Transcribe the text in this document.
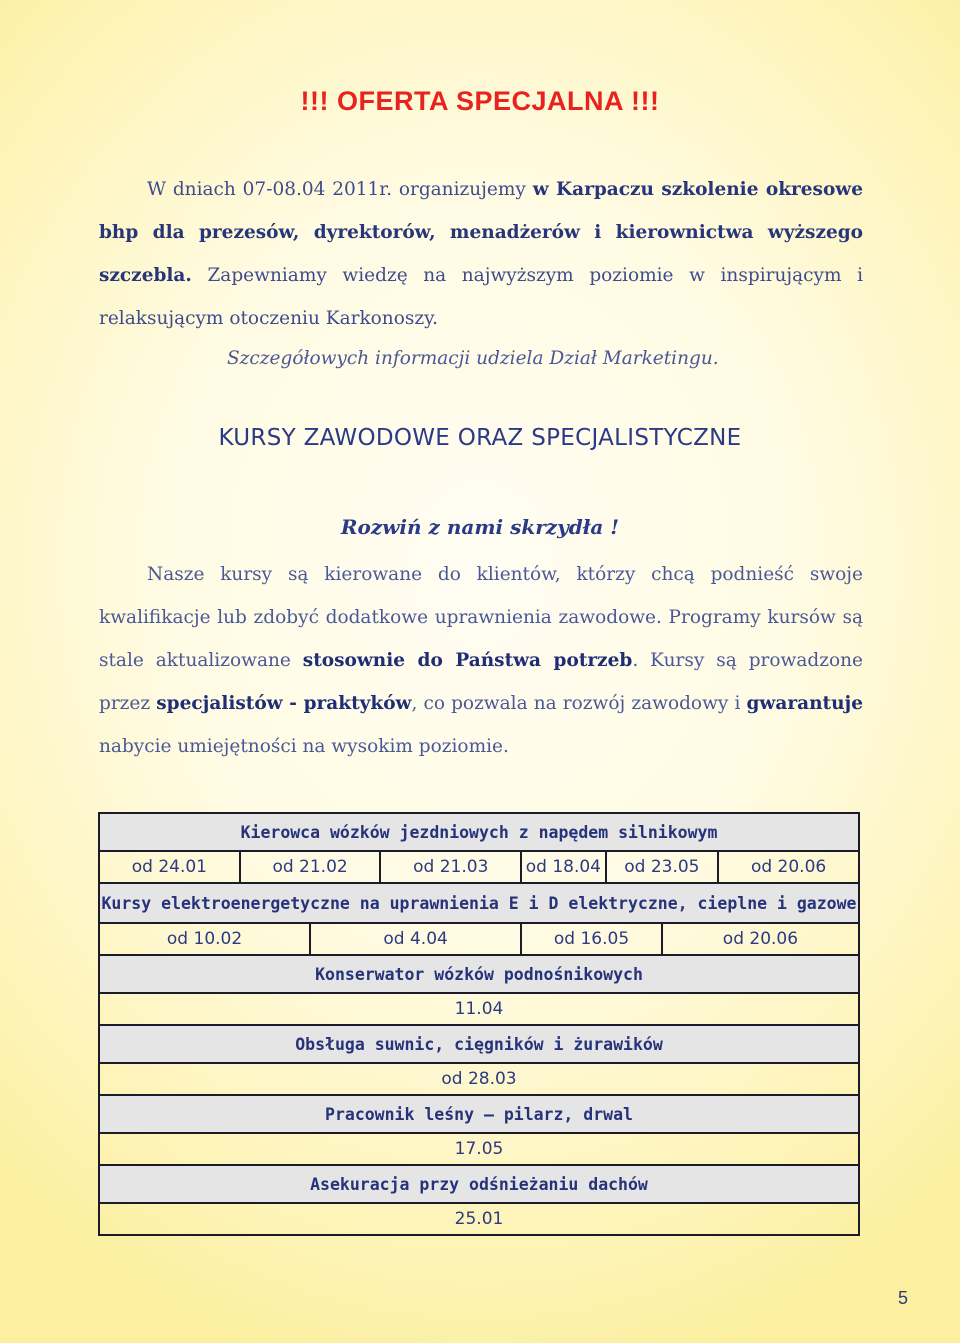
!!! OFERTA SPECJALNA !!!
W dniach 07-08.04 2011r. organizujemy w Karpaczu szkolenie okresowe bhp dla prezesów, dyrektorów, menadżerów i kierownictwa wyższego szczebla. Zapewniamy wiedzę na najwyższym poziomie w inspirującym i relaksującym otoczeniu Karkonoszy.
Szczegółowych informacji udziela Dział Marketingu.
KURSY ZAWODOWE ORAZ SPECJALISTYCZNE
Rozwiń z nami skrzydła !
Nasze kursy są kierowane do klientów, którzy chcą podnieść swoje kwalifikacje lub zdobyć dodatkowe uprawnienia zawodowe. Programy kursów są stale aktualizowane stosownie do Państwa potrzeb. Kursy są prowadzone przez specjalistów - praktyków, co pozwala na rozwój zawodowy i gwarantuje nabycie umiejętności na wysokim poziomie.
Kierowca wózków jezdniowych z napędem silnikowym							
od 24.01	od 21.02		od 21.03	od 18.04	od 23.05		od 20.06
Kursy elektroenergetyczne na uprawnienia E i D elektryczne, cieplne i gazowe							
od 10.02		od 4.04		od 16.05		od 20.06	
Konserwator wózków podnośnikowych							
11.04							
Obsługa suwnic, cięgników i żurawików							
od 28.03							
Pracownik leśny – pilarz, drwal							
17.05							
Asekuracja przy odśnieżaniu dachów							
25.01							
5
